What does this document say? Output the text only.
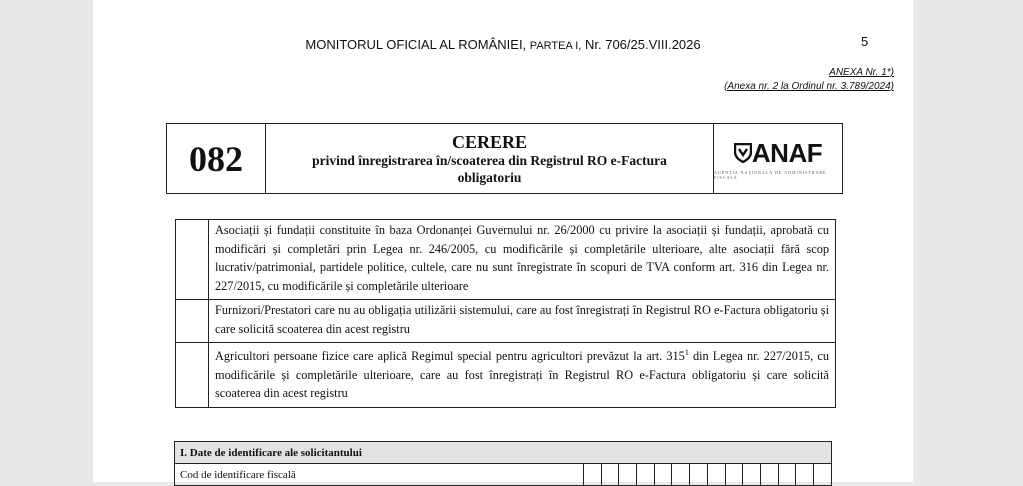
MONITORUL OFICIAL AL ROMÂNIEI, PARTEA I, Nr. 706/25.VIII.2026	5
ANEXA Nr. 1*)
(Anexa nr. 2 la Ordinul nr. 3.789/2024)
082	CERERE
privind înregistrarea în/scoaterea din Registrul RO e-Factura
obligatoriu
ANAF
AGENȚIA NAȚIONALĂ DE ADMINISTRARE FISCALĂ
	Asociații și fundații constituite în baza Ordonanței Guvernului nr. 26/2000 cu privire la asociații și fundații, aprobată cu modificări și completări prin Legea nr. 246/2005, cu modificările și completările ulterioare, alte asociații fără scop lucrativ/patrimonial, partidele politice, cultele, care nu sunt înregistrate în scopuri de TVA conform art. 316 din Legea nr. 227/2015, cu modificările și completările ulterioare
	Furnizori/Prestatori care nu au obligația utilizării sistemului, care au fost înregistrați în Registrul RO e-Factura obligatoriu și care solicită scoaterea din acest registru
	Agricultori persoane fizice care aplică Regimul special pentru agricultori prevăzut la art. $315^1$ din Legea nr. 227/2015, cu modificările și completările ulterioare, care au fost înregistrați în Registrul RO e-Factura obligatoriu și care solicită scoaterea din acest registru
I. Date de identificare ale solicitantului
Cod de identificare fiscală														
